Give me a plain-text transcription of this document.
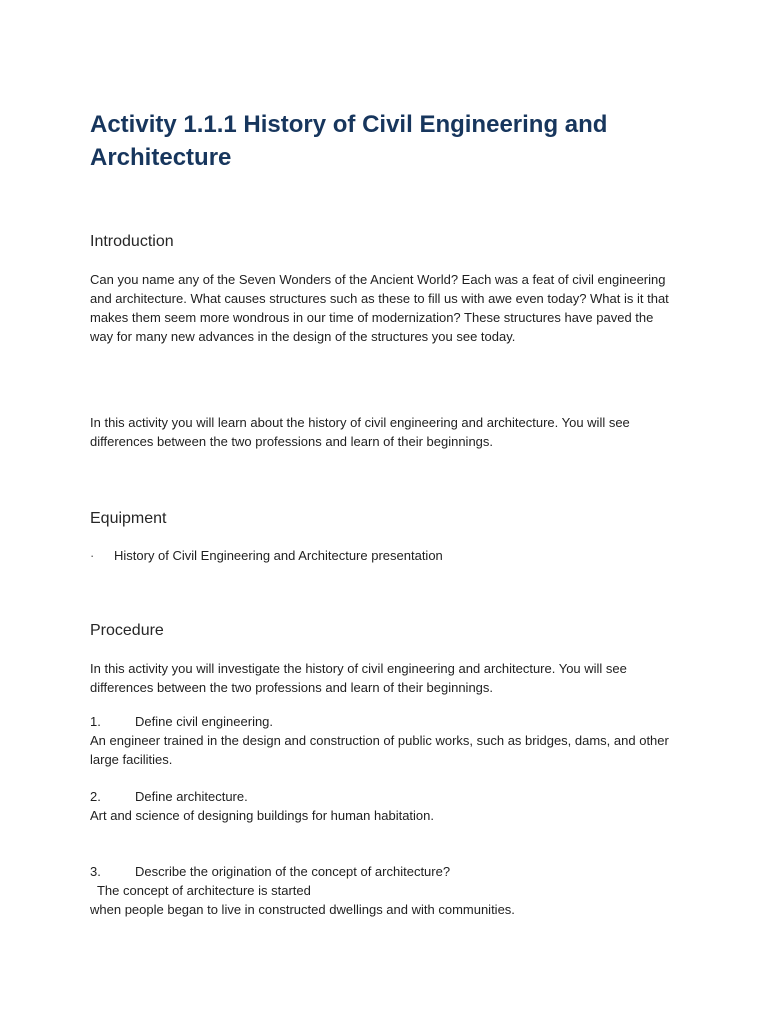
Activity 1.1.1 History of Civil Engineering and Architecture
Introduction

Can you name any of the Seven Wonders of the Ancient World? Each was a feat of civil engineering and architecture. What causes structures such as these to fill us with awe even today? What is it that makes them seem more wondrous in our time of modernization? These structures have paved the way for many new advances in the design of the structures you see today.

In this activity you will learn about the history of civil engineering and architecture. You will see differences between the two professions and learn of their beginnings.

Equipment
· History of Civil Engineering and Architecture presentation
Procedure

In this activity you will investigate the history of civil engineering and architecture. You will see differences between the two professions and learn of their beginnings.

1.	Define civil engineering.
An engineer trained in the design and construction of public works, such as bridges, dams, and other large facilities.
2.	Define architecture.
Art and science of designing buildings for human habitation.
3.	Describe the origination of the concept of architecture?
The concept of architecture is started
when people began to live in constructed dwellings and with communities.
